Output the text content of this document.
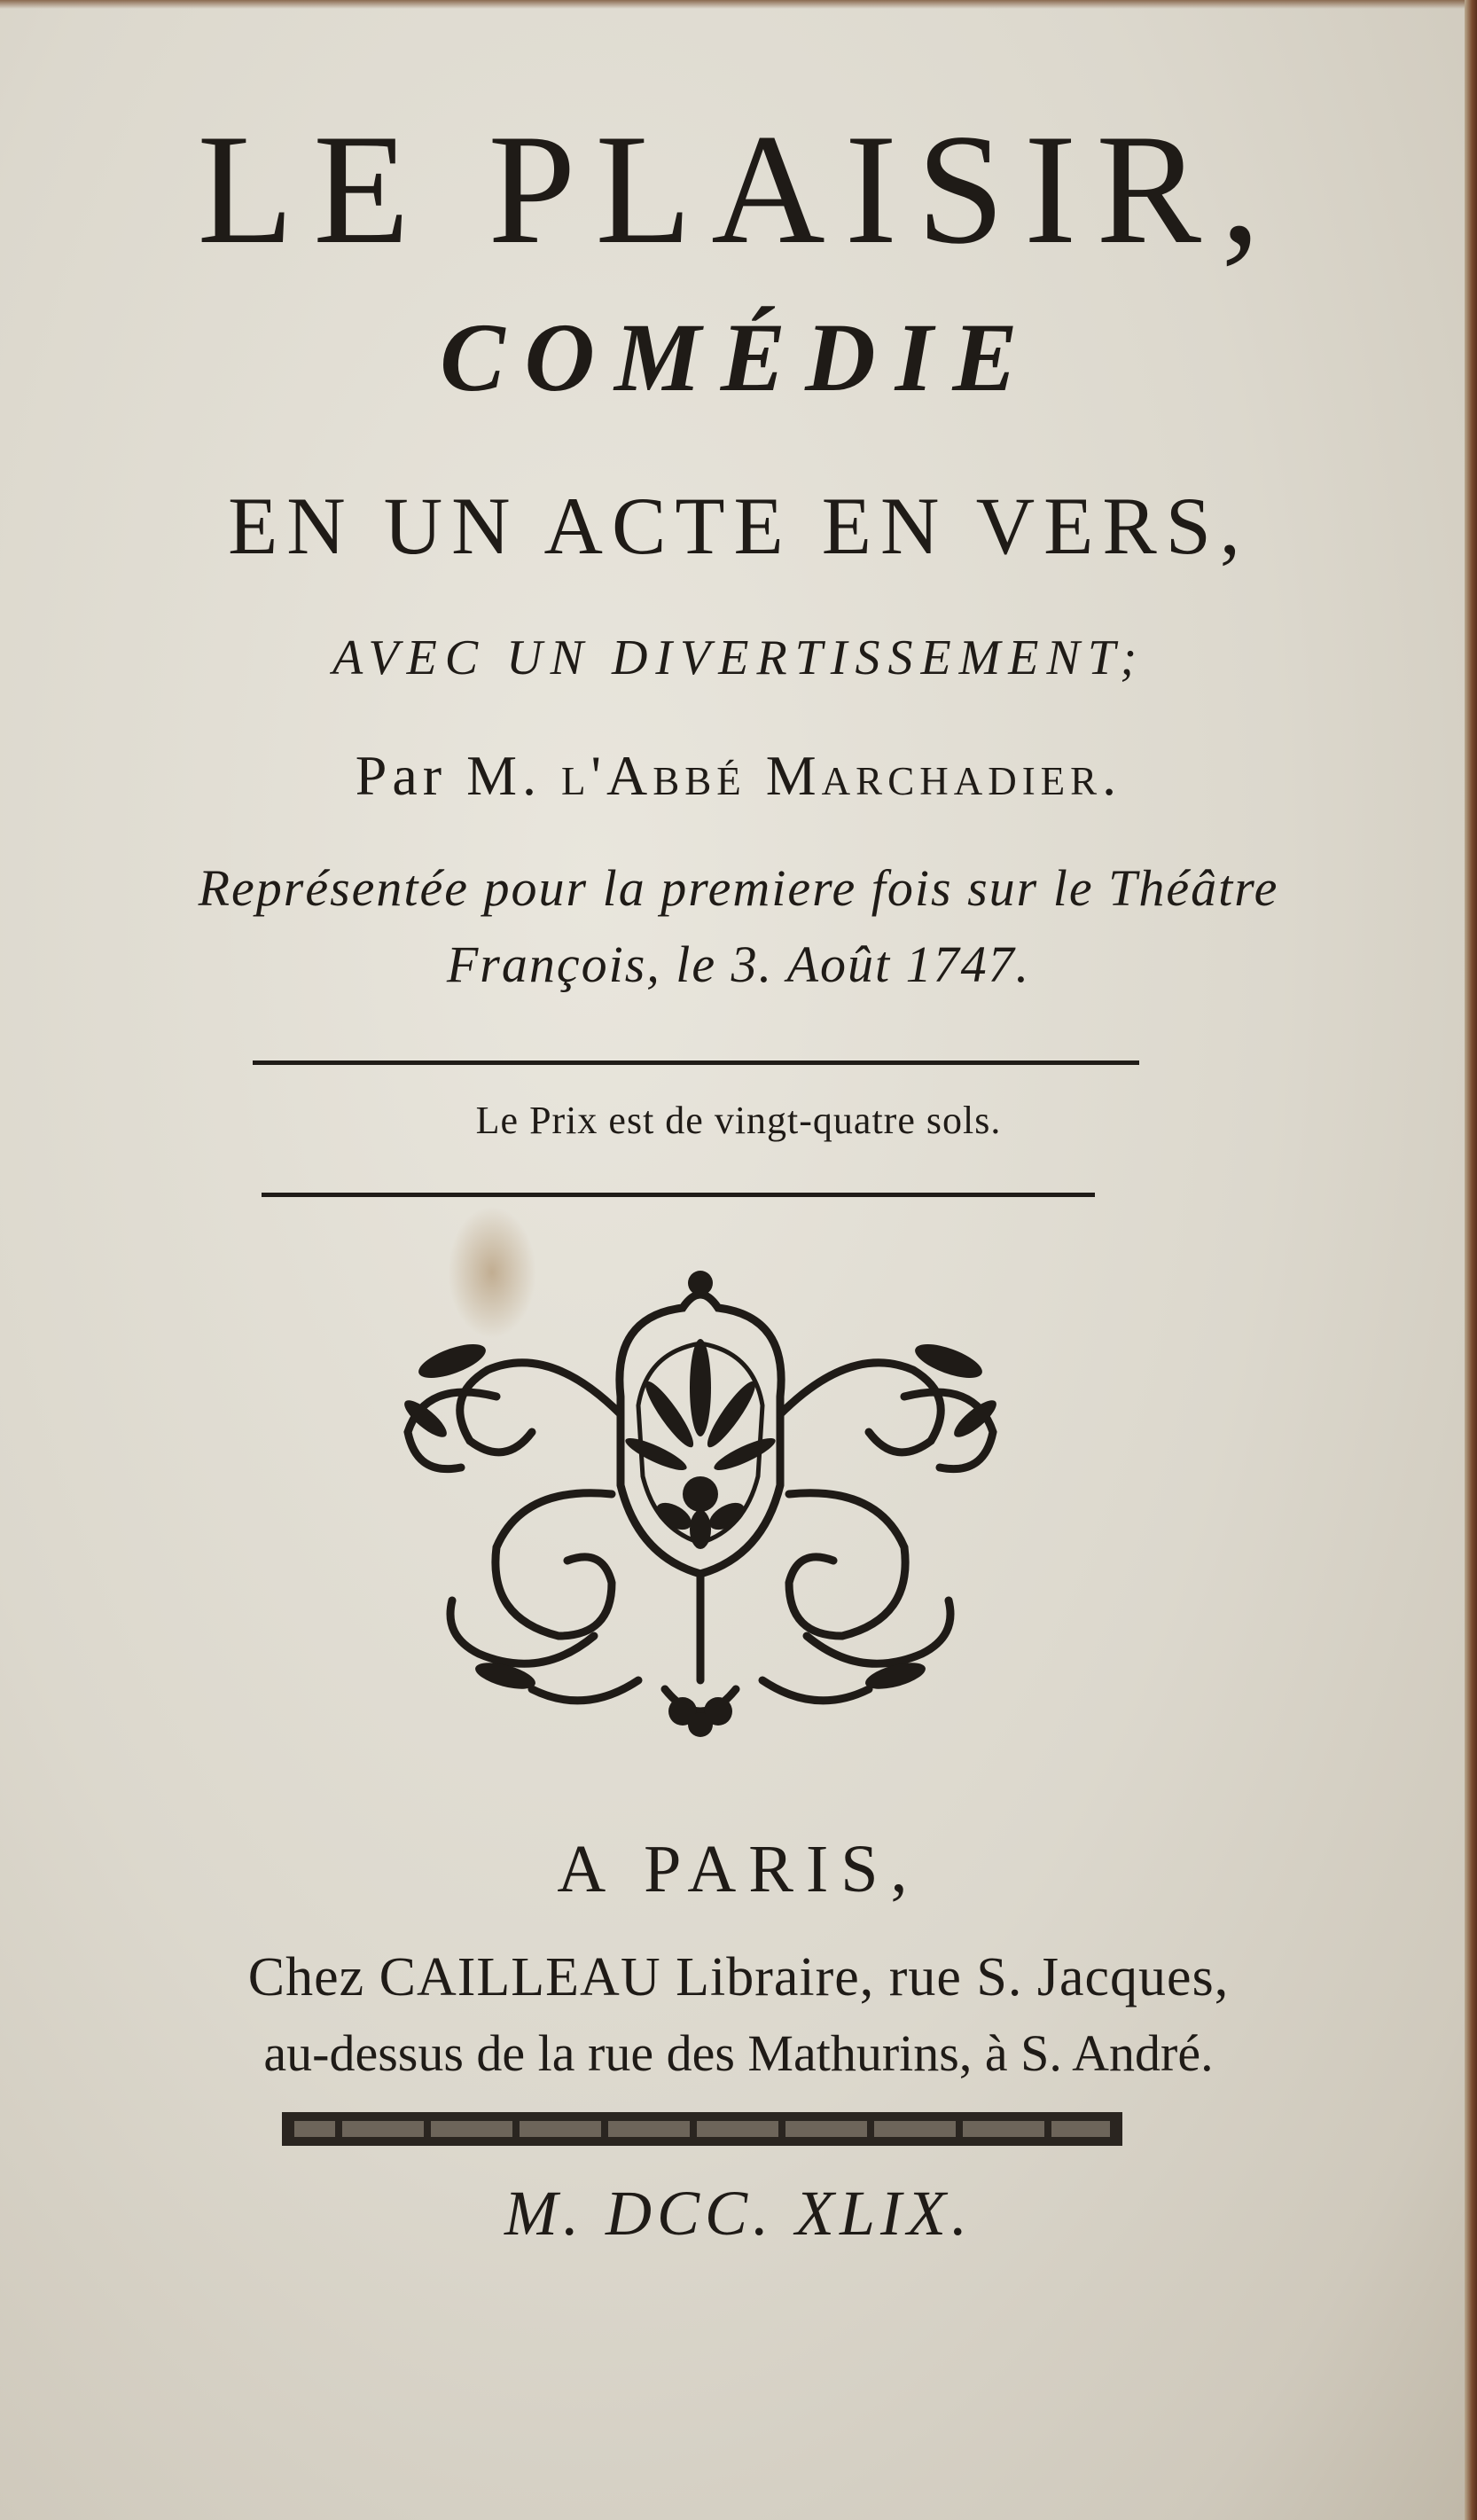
LE PLAISIR,
COMÉDIE
EN UN ACTE EN VERS,
AVEC UN DIVERTISSEMENT;
Par M. l'Abbé Marchadier.
Représentée pour la premiere fois sur le Théâtre
François, le 3. Août 1747.
Le Prix est de vingt-quatre sols.
A PARIS,
Chez CAILLEAU Libraire, rue S. Jacques,
au-dessus de la rue des Mathurins, à S. André.
M. DCC. XLIX.
